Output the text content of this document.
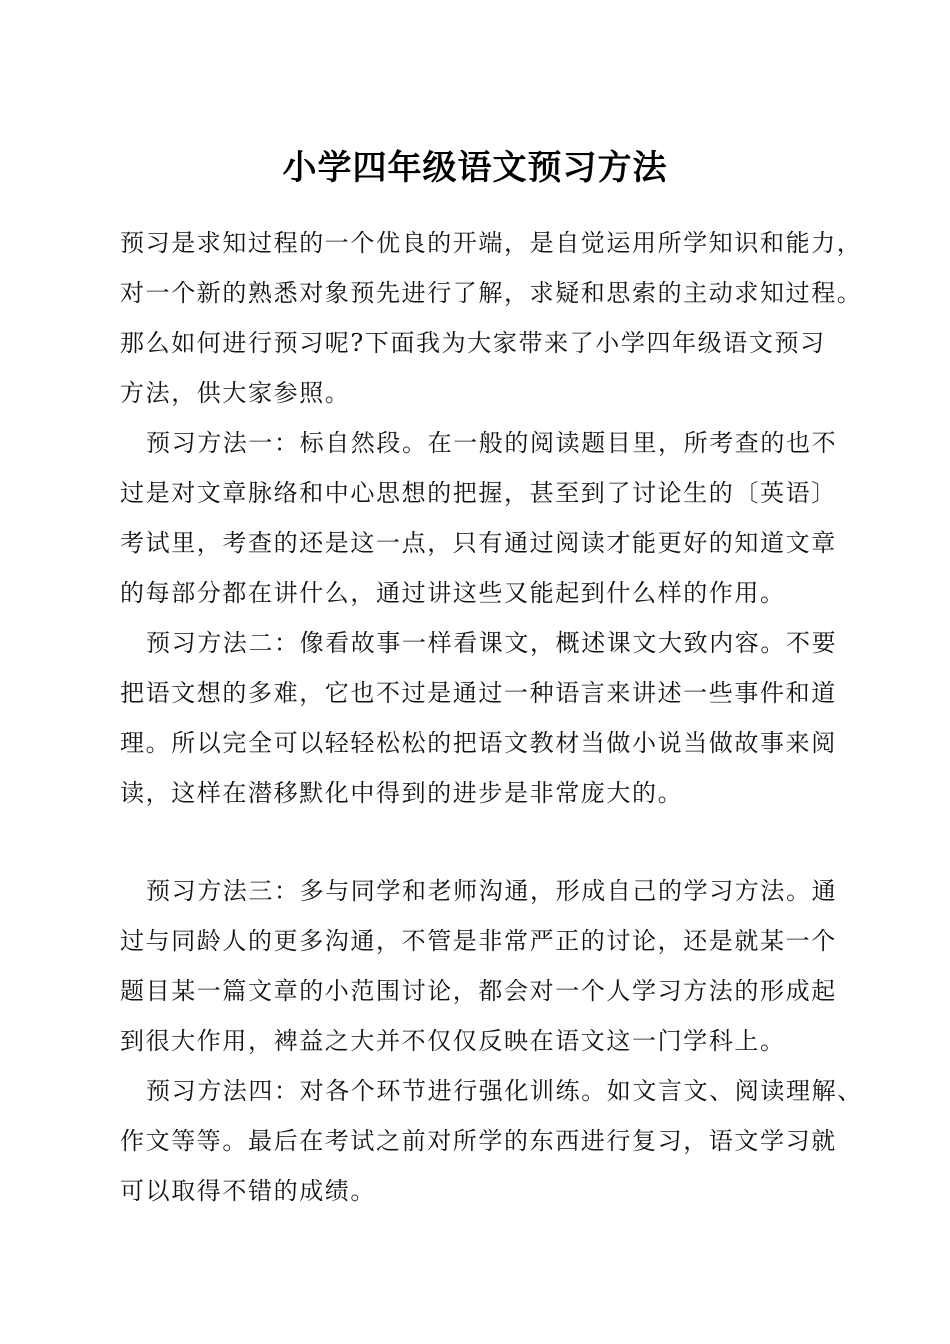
小学四年级语文预习方法
预习是求知过程的一个优良的开端，是自觉运用所学知识和能力，
对一个新的熟悉对象预先进行了解，求疑和思索的主动求知过程。
那么如何进行预习呢?下面我为大家带来了小学四年级语文预习
方法，供大家参照。
预习方法一：标自然段。在一般的阅读题目里，所考查的也不
过是对文章脉络和中心思想的把握，甚至到了讨论生的〔英语〕
考试里，考查的还是这一点，只有通过阅读才能更好的知道文章
的每部分都在讲什么，通过讲这些又能起到什么样的作用。
预习方法二：像看故事一样看课文，概述课文大致内容。不要
把语文想的多难，它也不过是通过一种语言来讲述一些事件和道
理。所以完全可以轻轻松松的把语文教材当做小说当做故事来阅
读，这样在潜移默化中得到的进步是非常庞大的。
预习方法三：多与同学和老师沟通，形成自己的学习方法。通
过与同龄人的更多沟通，不管是非常严正的讨论，还是就某一个
题目某一篇文章的小范围讨论，都会对一个人学习方法的形成起
到很大作用，裨益之大并不仅仅反映在语文这一门学科上。
预习方法四：对各个环节进行强化训练。如文言文、阅读理解、
作文等等。最后在考试之前对所学的东西进行复习，语文学习就
可以取得不错的成绩。
